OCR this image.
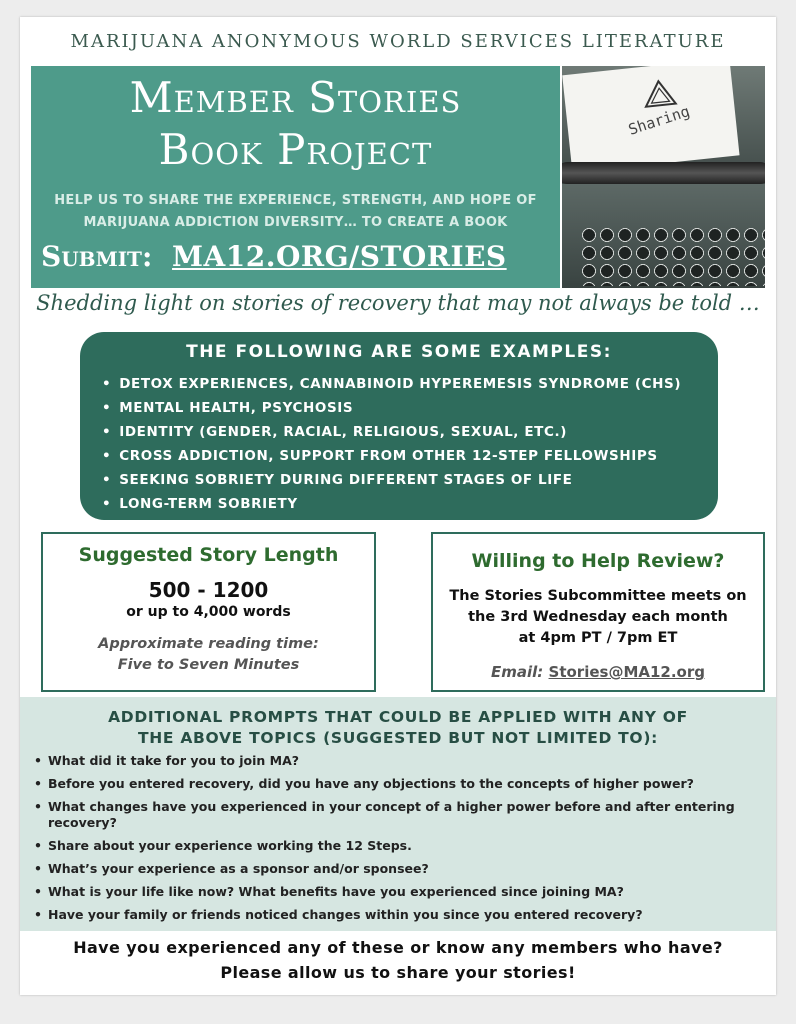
MARIJUANA ANONYMOUS WORLD SERVICES LITERATURE
Member Stories
Book Project
HELP US TO SHARE THE EXPERIENCE, STRENGTH, AND HOPE OF
MARIJUANA ADDICTION DIVERSITY… TO CREATE A BOOK
Submit: MA12.ORG/STORIES
Sharing
Shedding light on stories of recovery that may not always be told …
THE FOLLOWING ARE SOME EXAMPLES:
• DETOX EXPERIENCES, CANNABINOID HYPEREMESIS SYNDROME (CHS)
• MENTAL HEALTH, PSYCHOSIS
• IDENTITY (GENDER, RACIAL, RELIGIOUS, SEXUAL, ETC.)
• CROSS ADDICTION, SUPPORT FROM OTHER 12-STEP FELLOWSHIPS
• SEEKING SOBRIETY DURING DIFFERENT STAGES OF LIFE
• LONG-TERM SOBRIETY
Suggested Story Length
500 - 1200
or up to 4,000 words
Approximate reading time:
Five to Seven Minutes
Willing to Help Review?
The Stories Subcommittee meets on
the 3rd Wednesday each month
at 4pm PT / 7pm ET
Email: Stories@MA12.org
ADDITIONAL PROMPTS THAT COULD BE APPLIED WITH ANY OF
THE ABOVE TOPICS (SUGGESTED BUT NOT LIMITED TO):
• What did it take for you to join MA?
• Before you entered recovery, did you have any objections to the concepts of higher power?
• What changes have you experienced in your concept of a higher power before and after entering recovery?
• Share about your experience working the 12 Steps.
• What’s your experience as a sponsor and/or sponsee?
• What is your life like now? What benefits have you experienced since joining MA?
• Have your family or friends noticed changes within you since you entered recovery?
Have you experienced any of these or know any members who have?
Please allow us to share your stories!
